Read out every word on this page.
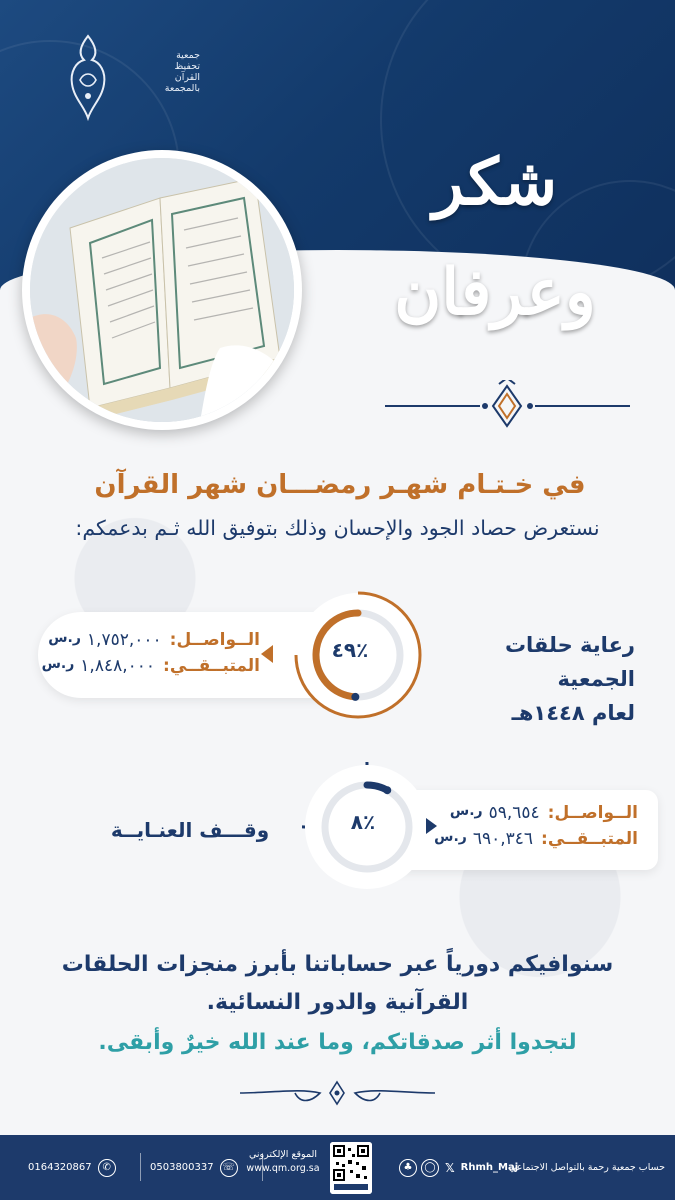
جمعية
تحفيظ
القرآن
بالمجمعة
شكر وعرفان
في خـتـام شهـر رمضـــان شهر القرآن
نستعرض حصاد الجود والإحسان وذلك بتوفيق الله ثـم بدعمكم:
٤٩٪
الــواصــل:
١,٧٥٢,٠٠٠
ر.س
المتبــقــي:
١,٨٤٨,٠٠٠
ر.س
رعاية حلقات الجمعية
لعام ١٤٤٨هـ
٨٪	الــواصــل:
٥٩,٦٥٤
ر.س
المتبــقــي:
٦٩٠,٣٤٦
ر.س
وقـــف العنـايــة
سنوافيكم دورياً عبر حساباتنا بأبرز منجزات الحلقات
القرآنية والدور النسائية.
لتجدوا أثر صدقاتكم، وما عند الله خيرٌ وأبقى.
✆
0164320867	☏
0503800337
الموقع الإلكتروني
www.qm.org.sa	Rhmh_Maj
𝕏
◯
♣	حساب جمعية رحمة بالتواصل الاجتماعي
